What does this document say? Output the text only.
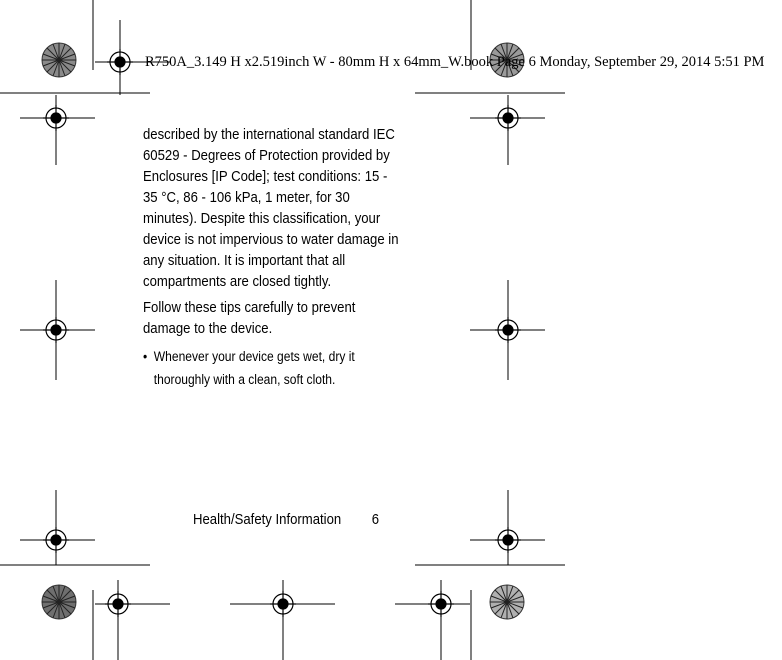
R750A_3.149 H x2.519inch W - 80mm H x 64mm_W.book Page 6 Monday, September 29, 2014 5:51 PM

described by the international standard IEC 60529 - Degrees of Protection provided by Enclosures [IP Code]; test conditions: 15 - 35 °C, 86 - 106 kPa, 1 meter, for 30 minutes). Despite this classification, your device is not impervious to water damage in any situation. It is important that all compartments are closed tightly.

Follow these tips carefully to prevent damage to the device.

• Whenever your device gets wet, dry it thoroughly with a clean, soft cloth.
Health/Safety Information 6
